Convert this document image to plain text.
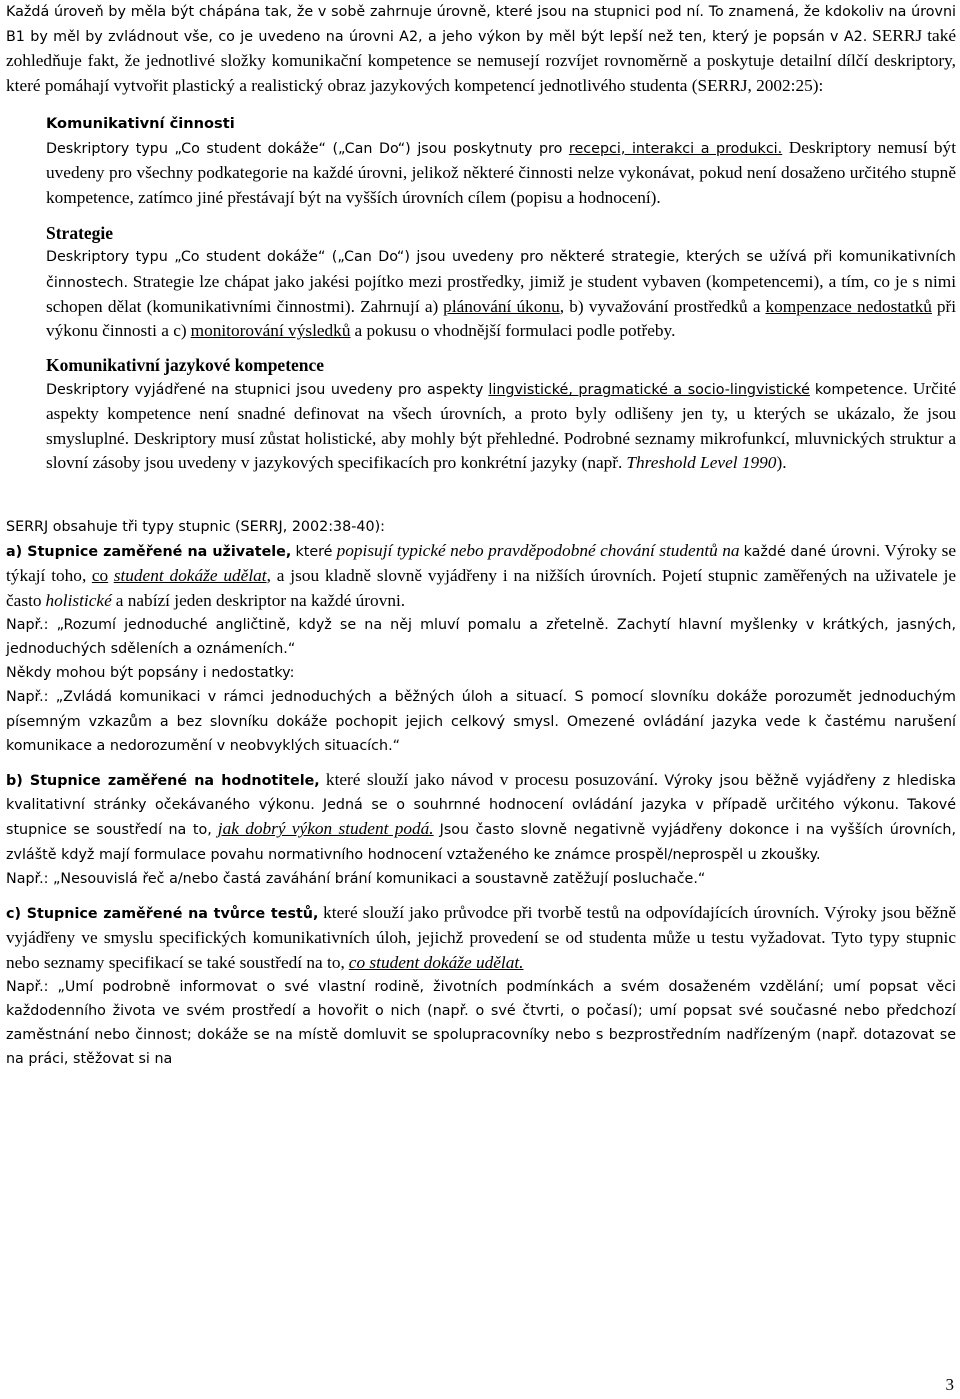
Každá úroveň by měla být chápána tak, že v sobě zahrnuje úrovně, které jsou na stupnici pod ní. To znamená, že kdokoliv na úrovni B1 by měl by zvládnout vše, co je uvedeno na úrovni A2, a jeho výkon by měl být lepší než ten, který je popsán v A2. SERRJ také zohledňuje fakt, že jednotlivé složky komunikační kompetence se nemusejí rozvíjet rovnoměrně a poskytuje detailní dílčí deskriptory, které pomáhají vytvořit plastický a realistický obraz jazykových kompetencí jednotlivého studenta (SERRJ, 2002:25):

Komunikativní činnosti

Deskriptory typu „Co student dokáže“ („Can Do“) jsou poskytnuty pro recepci, interakci a produkci. Deskriptory nemusí být uvedeny pro všechny podkategorie na každé úrovni, jelikož některé činnosti nelze vykonávat, pokud není dosaženo určitého stupně kompetence, zatímco jiné přestávají být na vyšších úrovních cílem (popisu a hodnocení).

Strategie

Deskriptory typu „Co student dokáže“ („Can Do“) jsou uvedeny pro některé strategie, kterých se užívá při komunikativních činnostech. Strategie lze chápat jako jakési pojítko mezi prostředky, jimiž je student vybaven (kompetencemi), a tím, co je s nimi schopen dělat (komunikativními činnostmi). Zahrnují a) plánování úkonu, b) vyvažování prostředků a kompenzace nedostatků při výkonu činnosti a c) monitorování výsledků a pokusu o vhodnější formulaci podle potřeby.

Komunikativní jazykové kompetence

Deskriptory vyjádřené na stupnici jsou uvedeny pro aspekty lingvistické, pragmatické a socio-lingvistické kompetence. Určité aspekty kompetence není snadné definovat na všech úrovních, a proto byly odlišeny jen ty, u kterých se ukázalo, že jsou smysluplné. Deskriptory musí zůstat holistické, aby mohly být přehledné. Podrobné seznamy mikrofunkcí, mluvnických struktur a slovní zásoby jsou uvedeny v jazykových specifikacích pro konkrétní jazyky (např. Threshold Level 1990).

SERRJ obsahuje tři typy stupnic (SERRJ, 2002:38-40):

a) Stupnice zaměřené na uživatele, které popisují typické nebo pravděpodobné chování studentů na každé dané úrovni. Výroky se týkají toho, co student dokáže udělat, a jsou kladně slovně vyjádřeny i na nižších úrovních. Pojetí stupnic zaměřených na uživatele je často holistické a nabízí jeden deskriptor na každé úrovni.

Např.: „Rozumí jednoduché angličtině, když se na něj mluví pomalu a zřetelně. Zachytí hlavní myšlenky v krátkých, jasných, jednoduchých sděleních a oznámeních.“

Někdy mohou být popsány i nedostatky:

Např.: „Zvládá komunikaci v rámci jednoduchých a běžných úloh a situací. S pomocí slovníku dokáže porozumět jednoduchým písemným vzkazům a bez slovníku dokáže pochopit jejich celkový smysl. Omezené ovládání jazyka vede k častému narušení komunikace a nedorozumění v neobvyklých situacích.“

b) Stupnice zaměřené na hodnotitele, které slouží jako návod v procesu posuzování. Výroky jsou běžně vyjádřeny z hlediska kvalitativní stránky očekávaného výkonu. Jedná se o souhrnné hodnocení ovládání jazyka v případě určitého výkonu. Takové stupnice se soustředí na to, jak dobrý výkon student podá. Jsou často slovně negativně vyjádřeny dokonce i na vyšších úrovních, zvláště když mají formulace povahu normativního hodnocení vztaženého ke známce prospěl/neprospěl u zkoušky.

Např.: „Nesouvislá řeč a/nebo častá zaváhání brání komunikaci a soustavně zatěžují posluchače.“

c) Stupnice zaměřené na tvůrce testů, které slouží jako průvodce při tvorbě testů na odpovídajících úrovních. Výroky jsou běžně vyjádřeny ve smyslu specifických komunikativních úloh, jejichž provedení se od studenta může u testu vyžadovat. Tyto typy stupnic nebo seznamy specifikací se také soustředí na to, co student dokáže udělat.

Např.: „Umí podrobně informovat o své vlastní rodině, životních podmínkách a svém dosaženém vzdělání; umí popsat věci každodenního života ve svém prostředí a hovořit o nich (např. o své čtvrti, o počasí); umí popsat své současné nebo předchozí zaměstnání nebo činnost; dokáže se na místě domluvit se spolupracovníky nebo s bezprostředním nadřízeným (např. dotazovat se na práci, stěžovat si na

3
